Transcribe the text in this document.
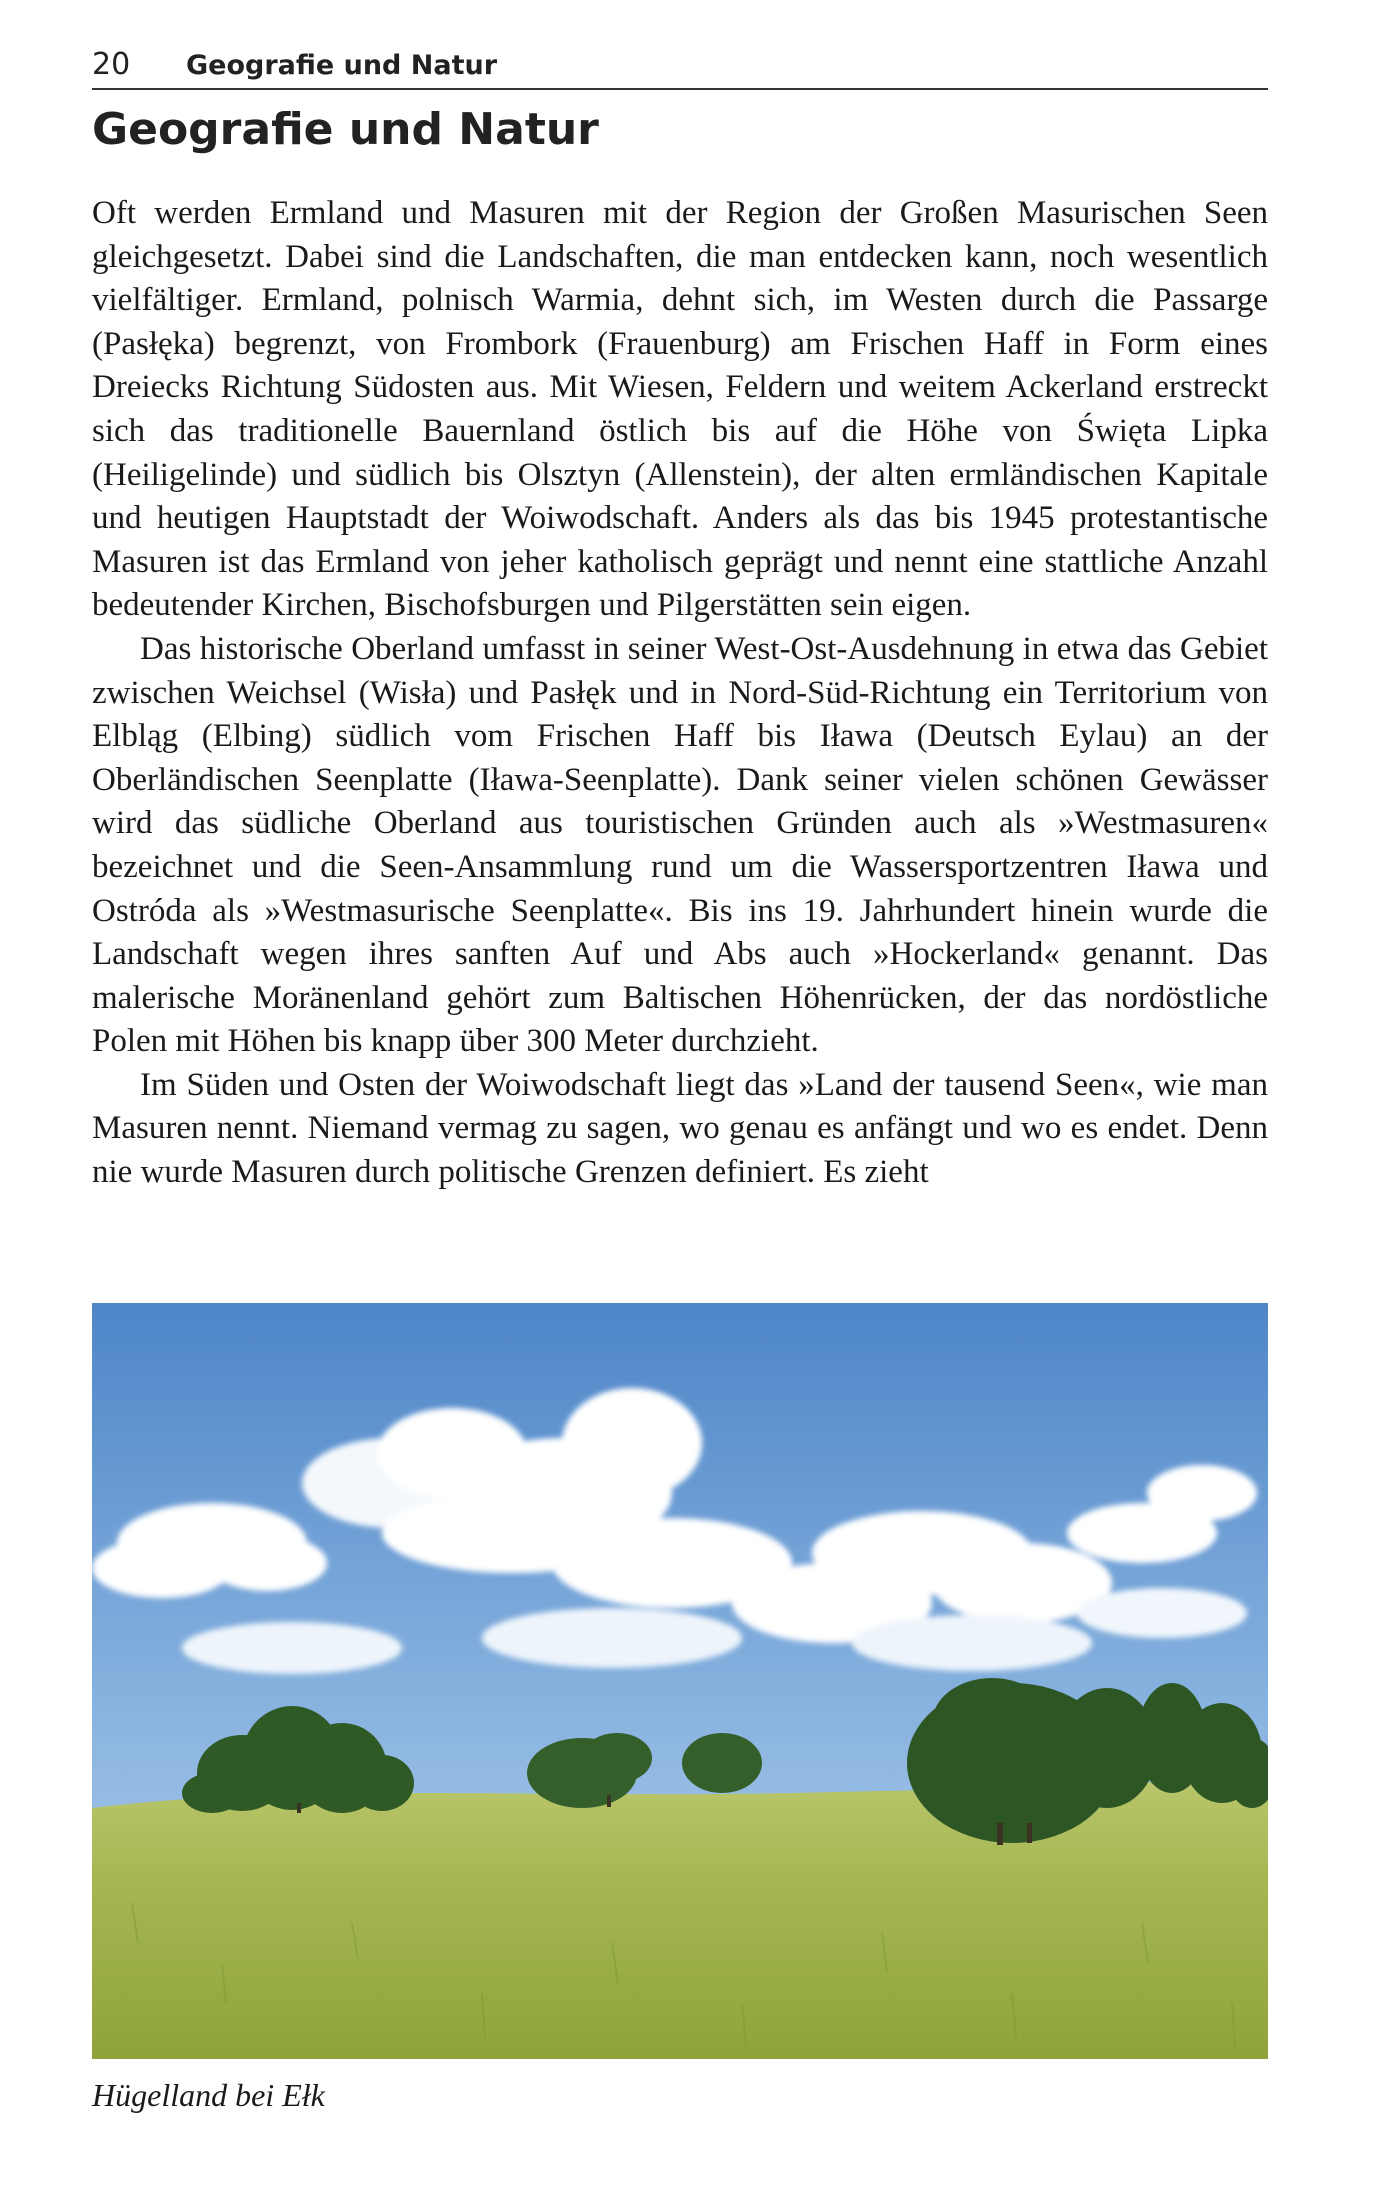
20 Geografie und Natur
Geografie und Natur

Oft werden Ermland und Masuren mit der Region der Großen Masurischen Seen gleichgesetzt. Dabei sind die Landschaften, die man entdecken kann, noch wesentlich vielfältiger. Ermland, polnisch Warmia, dehnt sich, im Westen durch die Passarge (Pasłęka) begrenzt, von Frombork (Frauenburg) am Frischen Haff in Form eines Dreiecks Richtung Südosten aus. Mit Wiesen, Feldern und weitem Ackerland erstreckt sich das traditionelle Bauernland östlich bis auf die Höhe von Święta Lipka (Heiligelinde) und südlich bis Olsztyn (Allenstein), der alten ermländischen Kapitale und heutigen Hauptstadt der Woiwodschaft. Anders als das bis 1945 protestantische Masuren ist das Ermland von jeher katholisch geprägt und nennt eine stattliche Anzahl bedeutender Kirchen, Bischofsburgen und Pilgerstätten sein eigen.

Das historische Oberland umfasst in seiner West-Ost-Ausdehnung in etwa das Gebiet zwischen Weichsel (Wisła) und Pasłęk und in Nord-Süd-Richtung ein Territorium von Elbląg (Elbing) südlich vom Frischen Haff bis Iława (Deutsch Eylau) an der Oberländischen Seenplatte (Iława-Seenplatte). Dank seiner vielen schönen Gewässer wird das südliche Oberland aus touristischen Gründen auch als »Westmasuren« bezeichnet und die Seen-Ansammlung rund um die Wassersportzentren Iława und Ostróda als »Westmasurische Seenplatte«. Bis ins 19. Jahrhundert hinein wurde die Landschaft wegen ihres sanften Auf und Abs auch »Hockerland« genannt. Das malerische Moränenland gehört zum Baltischen Höhenrücken, der das nordöstliche Polen mit Höhen bis knapp über 300 Meter durchzieht.

Im Süden und Osten der Woiwodschaft liegt das »Land der tausend Seen«, wie man Masuren nennt. Niemand vermag zu sagen, wo genau es anfängt und wo es endet. Denn nie wurde Masuren durch politische Grenzen definiert. Es zieht

Hügelland bei Ełk
